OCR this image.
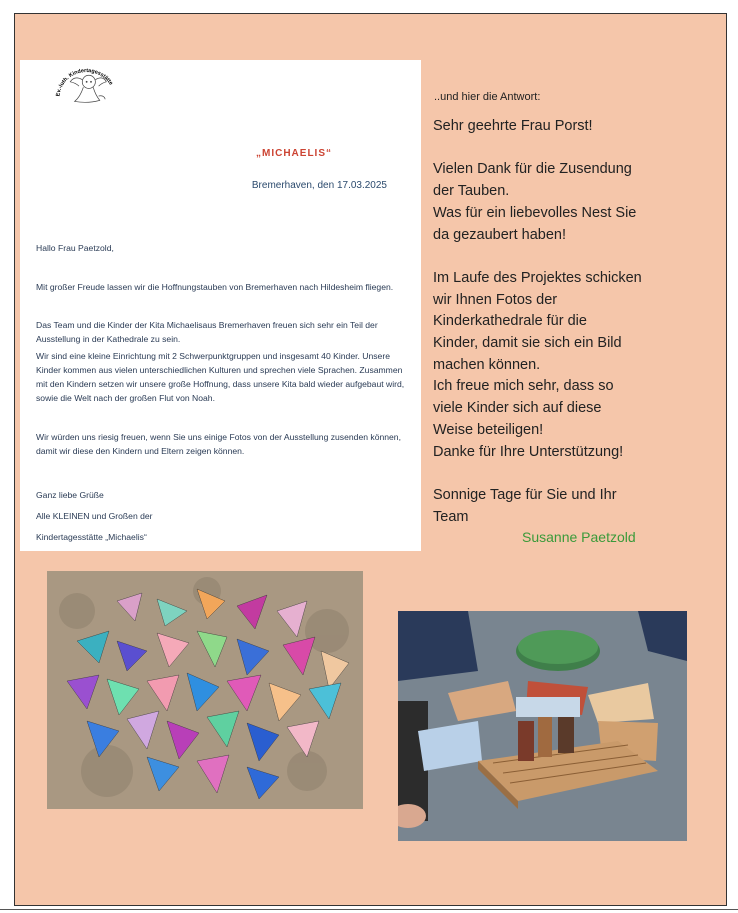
Ev.-luth. Kindertagesstätte
„MICHAELIS“
Bremerhaven, den 17.03.2025
Hallo Frau Paetzold,
Mit großer Freude lassen wir die Hoffnungstauben von Bremerhaven nach Hildesheim fliegen.
Das Team und die Kinder der Kita Michaelisaus Bremerhaven freuen sich sehr ein Teil der Ausstellung in der Kathedrale zu sein.
Wir sind eine kleine Einrichtung mit 2 Schwerpunktgruppen und insgesamt 40 Kinder. Unsere Kinder kommen aus vielen unterschiedlichen Kulturen und sprechen viele Sprachen. Zusammen mit den Kindern setzen wir unsere große Hoffnung, dass unsere Kita bald wieder aufgebaut wird, sowie die Welt nach der großen Flut von Noah.
Wir würden uns riesig freuen, wenn Sie uns einige Fotos von der Ausstellung zusenden können, damit wir diese den Kindern und Eltern zeigen können.
Ganz liebe Grüße
Alle KLEINEN und Großen der
Kindertagesstätte „Michaelis“
..und hier die Antwort:

Sehr geehrte Frau Porst!

Vielen Dank für die Zusendung

der Tauben.

Was für ein liebevolles Nest Sie

da gezaubert haben!

Im Laufe des Projektes schicken

wir Ihnen Fotos der

Kinderkathedrale für die

Kinder, damit sie sich ein Bild

machen können.

Ich freue mich sehr, dass so

viele Kinder sich auf diese

Weise beteiligen!

Danke für Ihre Unterstützung!

Sonnige Tage für Sie und Ihr

Team

Susanne Paetzold
